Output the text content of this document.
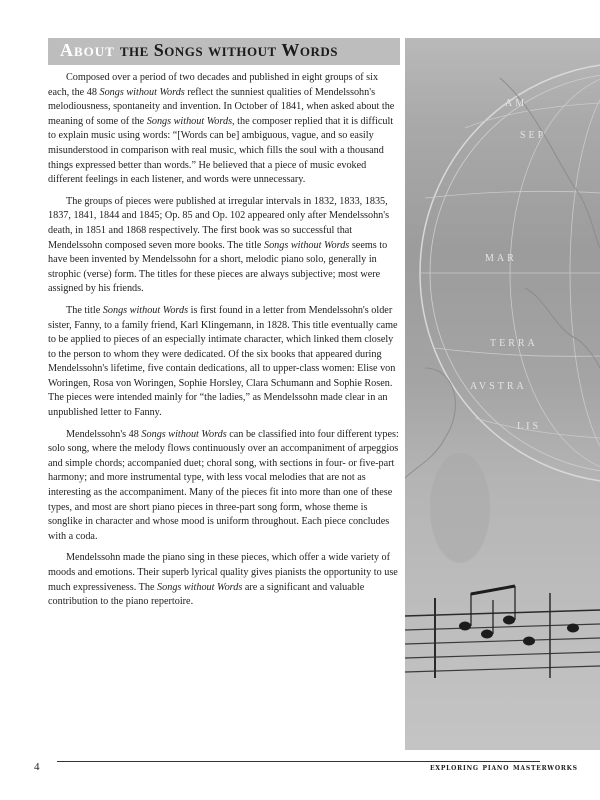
AM
SEP
MAR
TERRA
AVSTRA
LIS
About the Songs without Words

Composed over a period of two decades and published in eight groups of six each, the 48 Songs without Words reflect the sunniest qualities of Mendelssohn's melodiousness, spontaneity and invention. In October of 1841, when asked about the meaning of some of the Songs without Words, the composer replied that it is difficult to explain music using words: “[Words can be] ambiguous, vague, and so easily misunderstood in comparison with real music, which fills the soul with a thousand things expressed better than words.” He believed that a piece of music evoked different feelings in each listener, and words were unnecessary.

The groups of pieces were published at irregular intervals in 1832, 1833, 1835, 1837, 1841, 1844 and 1845; Op. 85 and Op. 102 appeared only after Mendelssohn's death, in 1851 and 1868 respectively. The first book was so successful that Mendelssohn composed seven more books. The title Songs without Words seems to have been invented by Mendelssohn for a short, melodic piano solo, generally in strophic (verse) form. The titles for these pieces are always subjective; most were assigned by his friends.

The title Songs without Words is first found in a letter from Mendelssohn's older sister, Fanny, to a family friend, Karl Klingemann, in 1828. This title eventually came to be applied to pieces of an especially intimate character, which linked them closely to the person to whom they were dedicated. Of the six books that appeared during Mendelssohn's lifetime, five contain dedications, all to upper-class women: Elise von Woringen, Rosa von Woringen, Sophie Horsley, Clara Schumann and Sophie Rosen. The pieces were intended mainly for “the ladies,” as Mendelssohn made clear in an unpublished letter to Fanny.

Mendelssohn's 48 Songs without Words can be classified into four different types: solo song, where the melody flows continuously over an accompaniment of arpeggios and simple chords; accompanied duet; choral song, with sections in four- or five-part harmony; and more instrumental type, with less vocal melodies that are not as interesting as the accompaniment. Many of the pieces fit into more than one of these types, and most are short piano pieces in three-part song form, whose theme is songlike in character and whose mood is uniform throughout. Each piece concludes with a coda.

Mendelssohn made the piano sing in these pieces, which offer a wide variety of moods and emotions. Their superb lyrical quality gives pianists the opportunity to use much expressiveness. The Songs without Words are a significant and valuable contribution to the piano repertoire.

4	exploring piano masterworks
